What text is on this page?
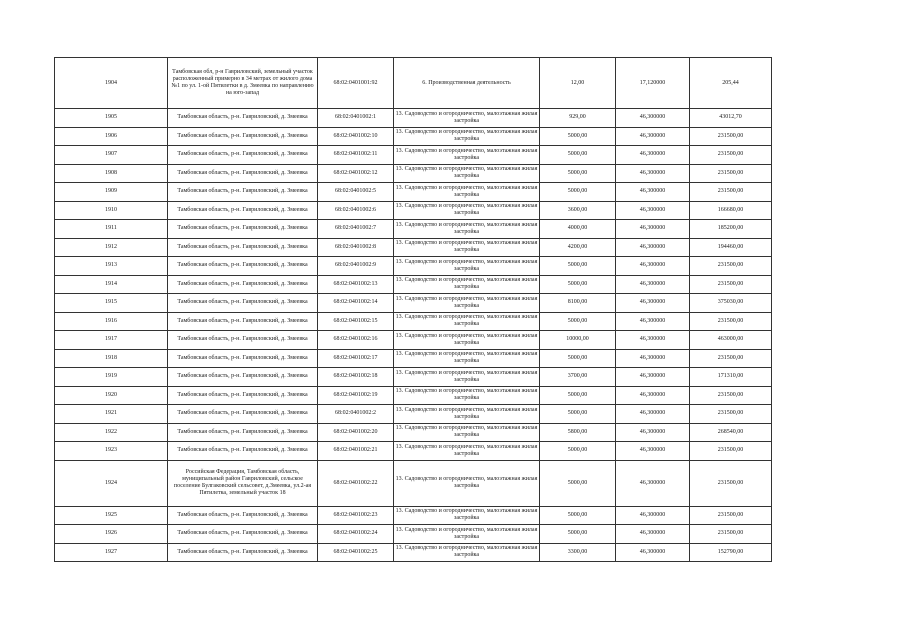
1904	Тамбовская обл, р-н Гавриловский, земельный участок расположенный примерно в 34 метрах от жилого дома №1 по ул. 1-ой Пятилетки в д. Змеевка по направлению на юго-запад	68:02:0401001:92	6. Производственная деятельность	12,00	17,120000	205,44
1905	Тамбовская область, р-н. Гавриловский, д. Змеевка	68:02:0401002:1	13. Садоводство и огородничество, малоэтажная жилая застройка	929,00	46,300000	43012,70
1906	Тамбовская область, р-н. Гавриловский, д. Змеевка	68:02:0401002:10	13. Садоводство и огородничество, малоэтажная жилая застройка	5000,00	46,300000	231500,00
1907	Тамбовская область, р-н. Гавриловский, д. Змеевка	68:02:0401002:11	13. Садоводство и огородничество, малоэтажная жилая застройка	5000,00	46,300000	231500,00
1908	Тамбовская область, р-н. Гавриловский, д. Змеевка	68:02:0401002:12	13. Садоводство и огородничество, малоэтажная жилая застройка	5000,00	46,300000	231500,00
1909	Тамбовская область, р-н. Гавриловский, д. Змеевка	68:02:0401002:5	13. Садоводство и огородничество, малоэтажная жилая застройка	5000,00	46,300000	231500,00
1910	Тамбовская область, р-н. Гавриловский, д. Змеевка	68:02:0401002:6	13. Садоводство и огородничество, малоэтажная жилая застройка	3600,00	46,300000	166680,00
1911	Тамбовская область, р-н. Гавриловский, д. Змеевка	68:02:0401002:7	13. Садоводство и огородничество, малоэтажная жилая застройка	4000,00	46,300000	185200,00
1912	Тамбовская область, р-н. Гавриловский, д. Змеевка	68:02:0401002:8	13. Садоводство и огородничество, малоэтажная жилая застройка	4200,00	46,300000	194460,00
1913	Тамбовская область, р-н. Гавриловский, д. Змеевка	68:02:0401002:9	13. Садоводство и огородничество, малоэтажная жилая застройка	5000,00	46,300000	231500,00
1914	Тамбовская область, р-н. Гавриловский, д. Змеевка	68:02:0401002:13	13. Садоводство и огородничество, малоэтажная жилая застройка	5000,00	46,300000	231500,00
1915	Тамбовская область, р-н. Гавриловский, д. Змеевка	68:02:0401002:14	13. Садоводство и огородничество, малоэтажная жилая застройка	8100,00	46,300000	375030,00
1916	Тамбовская область, р-н. Гавриловский, д. Змеевка	68:02:0401002:15	13. Садоводство и огородничество, малоэтажная жилая застройка	5000,00	46,300000	231500,00
1917	Тамбовская область, р-н. Гавриловский, д. Змеевка	68:02:0401002:16	13. Садоводство и огородничество, малоэтажная жилая застройка	10000,00	46,300000	463000,00
1918	Тамбовская область, р-н. Гавриловский, д. Змеевка	68:02:0401002:17	13. Садоводство и огородничество, малоэтажная жилая застройка	5000,00	46,300000	231500,00
1919	Тамбовская область, р-н. Гавриловский, д. Змеевка	68:02:0401002:18	13. Садоводство и огородничество, малоэтажная жилая застройка	3700,00	46,300000	171310,00
1920	Тамбовская область, р-н. Гавриловский, д. Змеевка	68:02:0401002:19	13. Садоводство и огородничество, малоэтажная жилая застройка	5000,00	46,300000	231500,00
1921	Тамбовская область, р-н. Гавриловский, д. Змеевка	68:02:0401002:2	13. Садоводство и огородничество, малоэтажная жилая застройка	5000,00	46,300000	231500,00
1922	Тамбовская область, р-н. Гавриловский, д. Змеевка	68:02:0401002:20	13. Садоводство и огородничество, малоэтажная жилая застройка	5800,00	46,300000	268540,00
1923	Тамбовская область, р-н. Гавриловский, д. Змеевка	68:02:0401002:21	13. Садоводство и огородничество, малоэтажная жилая застройка	5000,00	46,300000	231500,00
1924	Российская Федерация, Тамбовская область, муниципальный район Гавриловский, сельское поселение Булгаковский сельсовет, д.Змеевка, ул.2-ая Пятилетка, земельный участок 18	68:02:0401002:22	13. Садоводство и огородничество, малоэтажная жилая застройка	5000,00	46,300000	231500,00
1925	Тамбовская область, р-н. Гавриловский, д. Змеевка	68:02:0401002:23	13. Садоводство и огородничество, малоэтажная жилая застройка	5000,00	46,300000	231500,00
1926	Тамбовская область, р-н. Гавриловский, д. Змеевка	68:02:0401002:24	13. Садоводство и огородничество, малоэтажная жилая застройка	5000,00	46,300000	231500,00
1927	Тамбовская область, р-н. Гавриловский, д. Змеевка	68:02:0401002:25	13. Садоводство и огородничество, малоэтажная жилая застройка	3300,00	46,300000	152790,00
